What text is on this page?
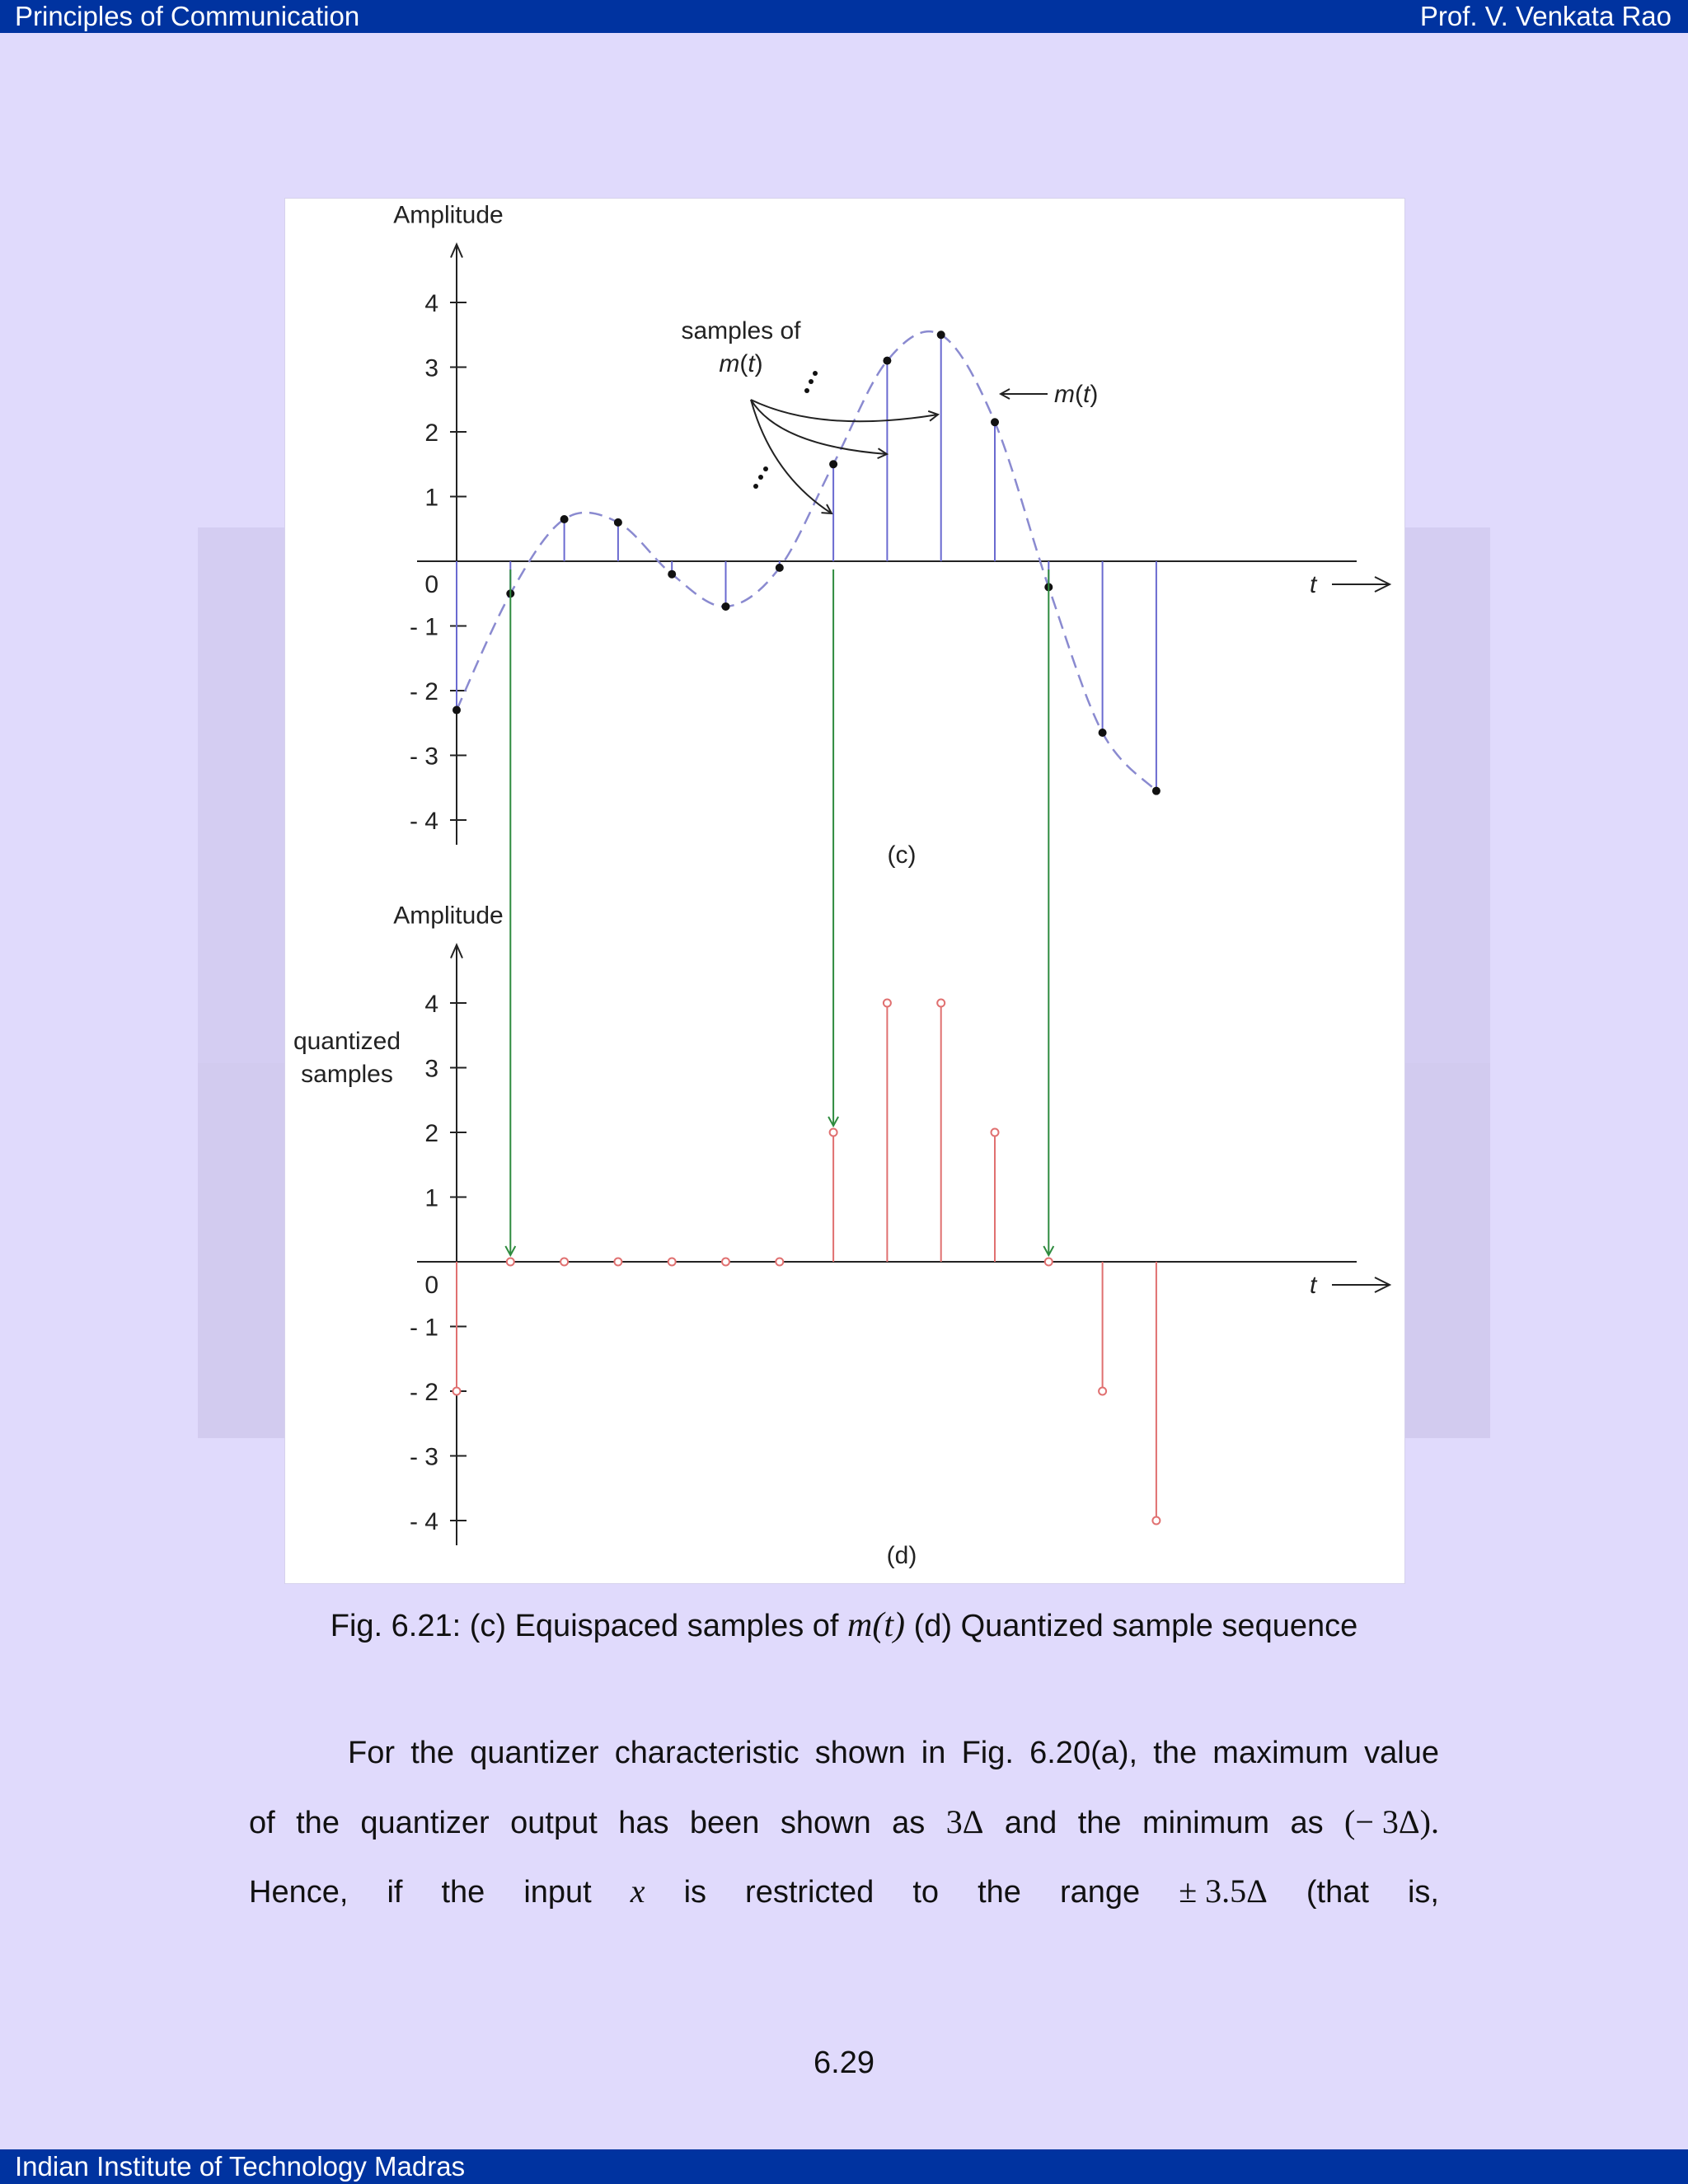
Principles of Communication	Prof. V. Venkata Rao
4
3
2
1
0
- 1
- 2
- 3
- 4
Amplitude
t
samples of
m(t)
m(t)
(c)
4
3
2
1
0
- 1
- 2
- 3
- 4
Amplitude
t
quantized
samples
(d)
Fig. 6.21: (c) Equispaced samples of m(t) (d) Quantized sample sequence
For the quantizer characteristic shown in Fig. 6.20(a), the maximum value
of the quantizer output has been shown as 3Δ and the minimum as (− 3Δ).
Hence, if the input x is restricted to the range ± 3.5Δ (that is,
6.29
Indian Institute of Technology Madras
